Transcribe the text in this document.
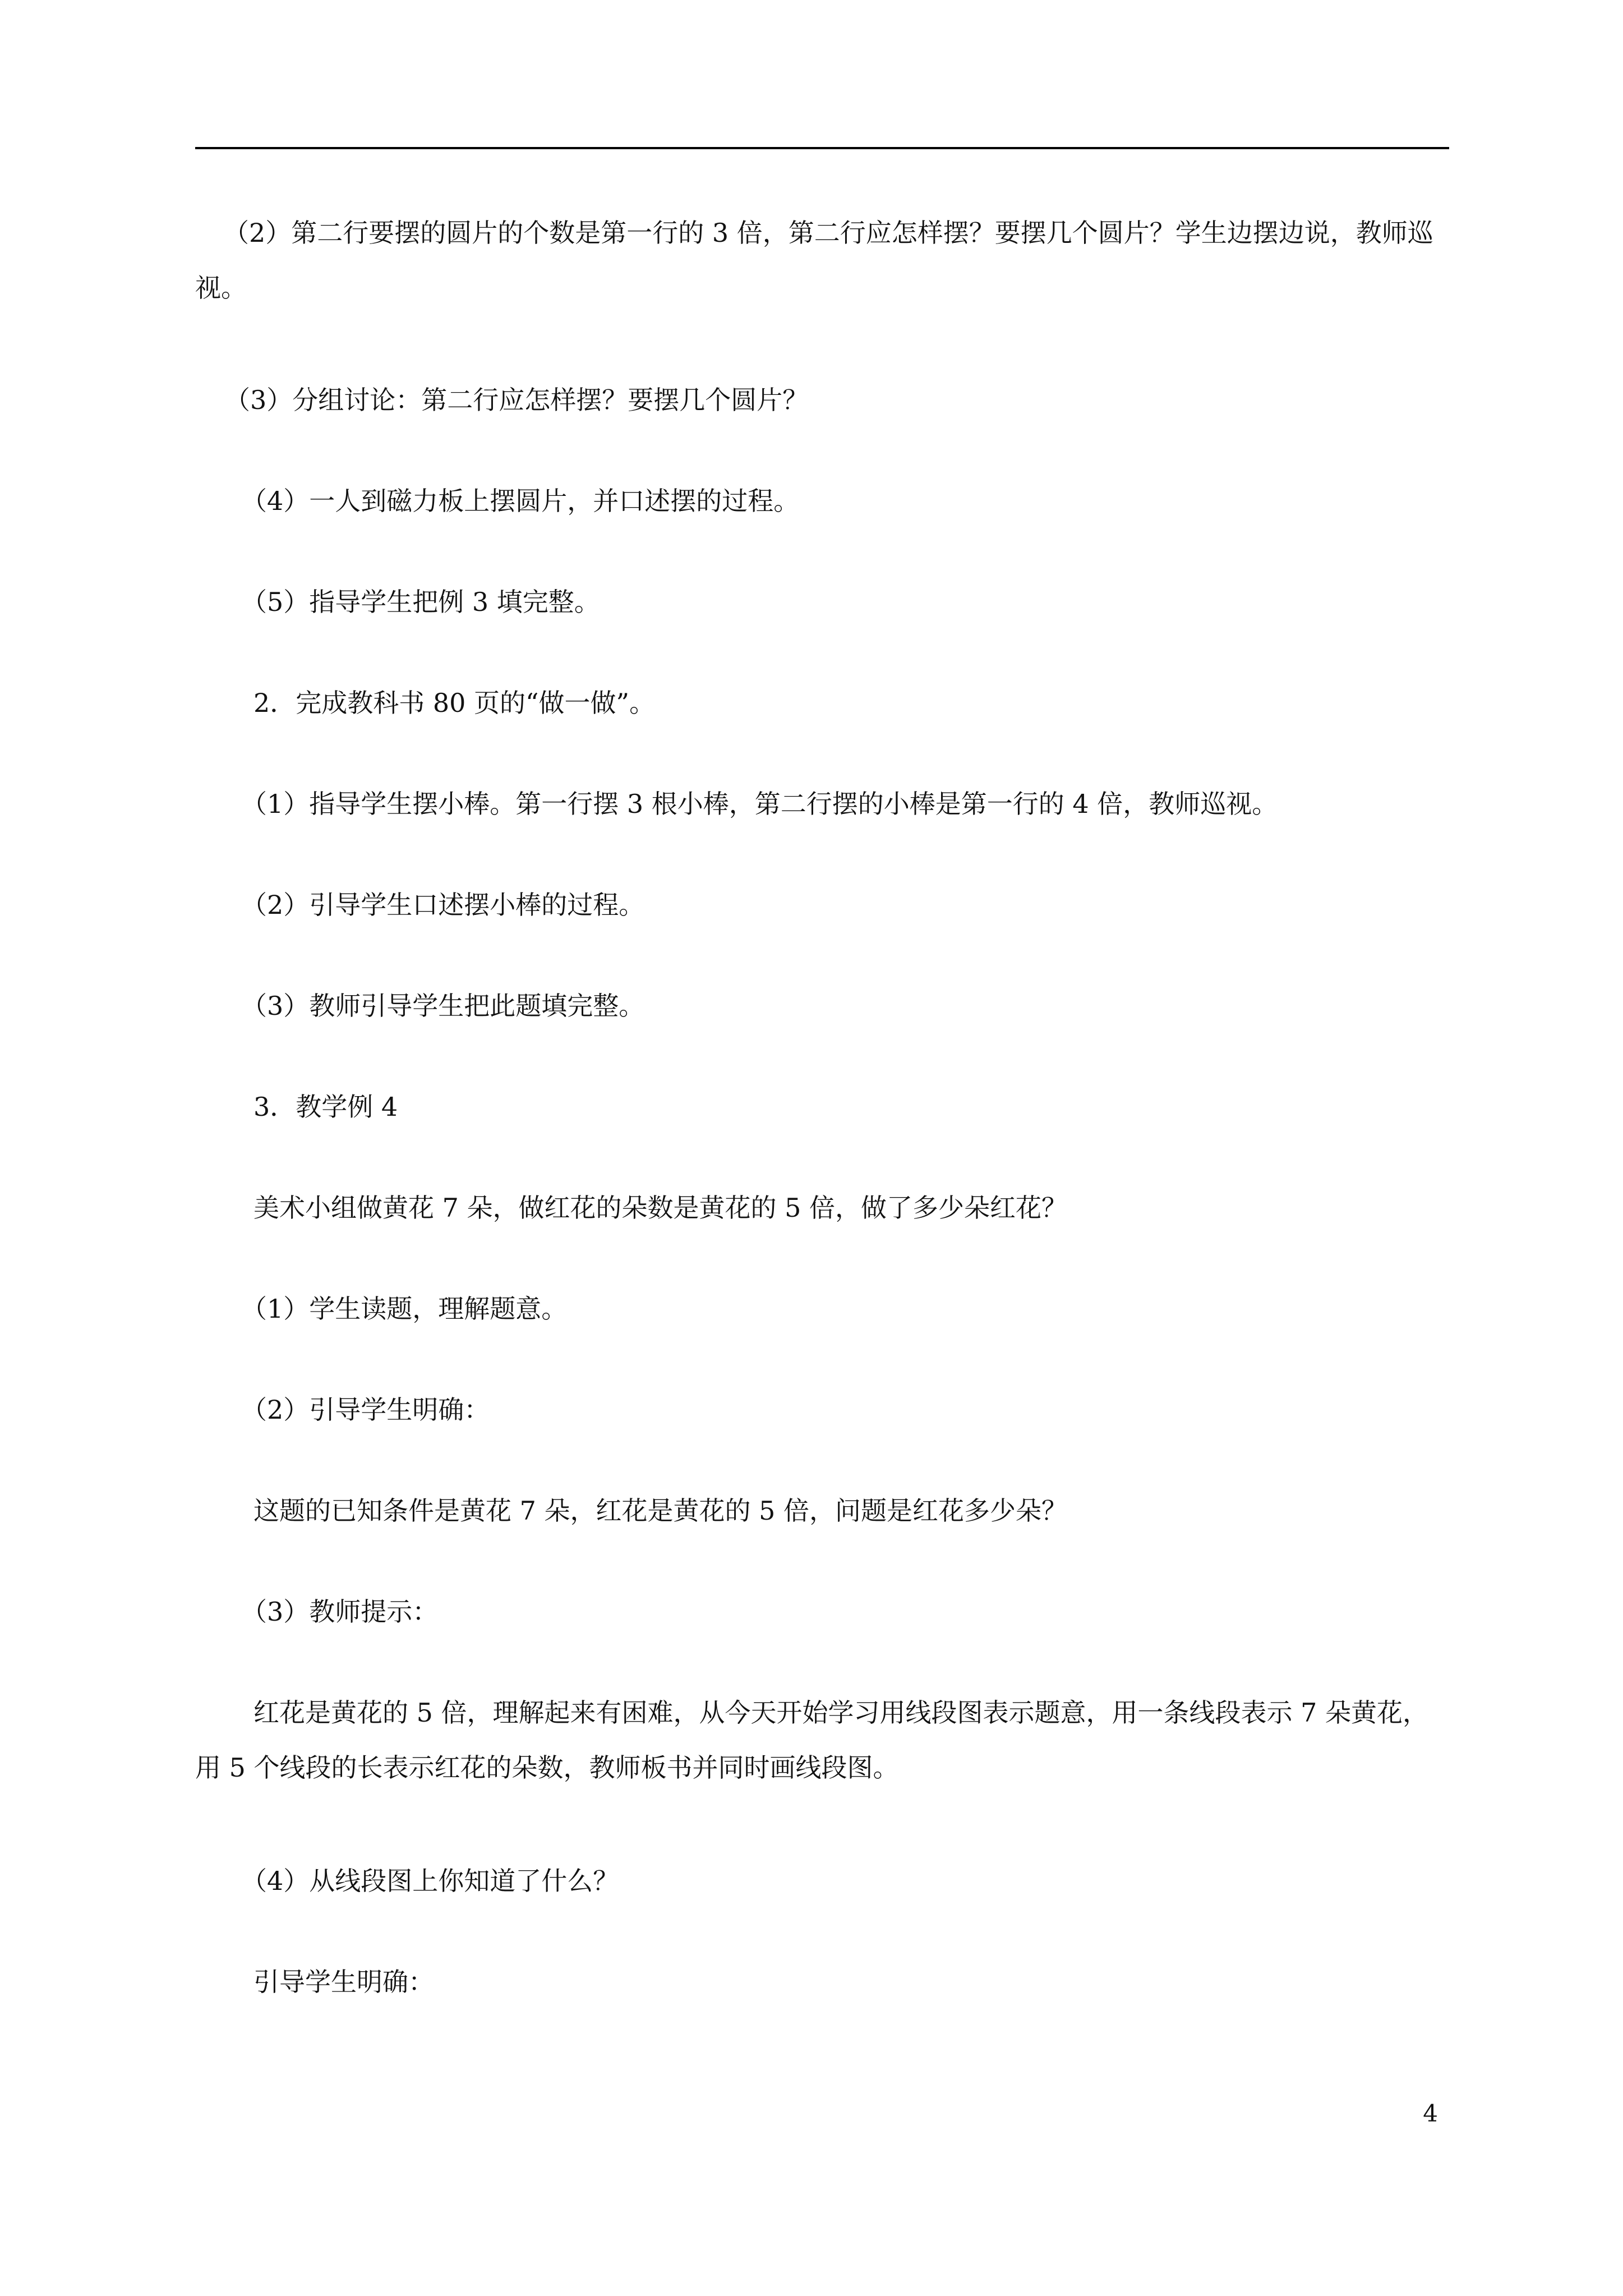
（2）第二行要摆的圆片的个数是第一行的 3 倍，第二行应怎样摆？要摆几个圆片？学生边摆边说，教师巡视。
（3）分组讨论：第二行应怎样摆？要摆几个圆片？
（4）一人到磁力板上摆圆片，并口述摆的过程。
（5）指导学生把例 3 填完整。
2．完成教科书 80 页的“做一做”。
（1）指导学生摆小棒。第一行摆 3 根小棒，第二行摆的小棒是第一行的 4 倍，教师巡视。
（2）引导学生口述摆小棒的过程。
（3）教师引导学生把此题填完整。
3．教学例 4
美术小组做黄花 7 朵，做红花的朵数是黄花的 5 倍，做了多少朵红花？
（1）学生读题，理解题意。
（2）引导学生明确：
这题的已知条件是黄花 7 朵，红花是黄花的 5 倍，问题是红花多少朵？
（3）教师提示：
红花是黄花的 5 倍，理解起来有困难，从今天开始学习用线段图表示题意，用一条线段表示 7 朵黄花，用 5 个线段的长表示红花的朵数，教师板书并同时画线段图。
（4）从线段图上你知道了什么？
引导学生明确：
4
